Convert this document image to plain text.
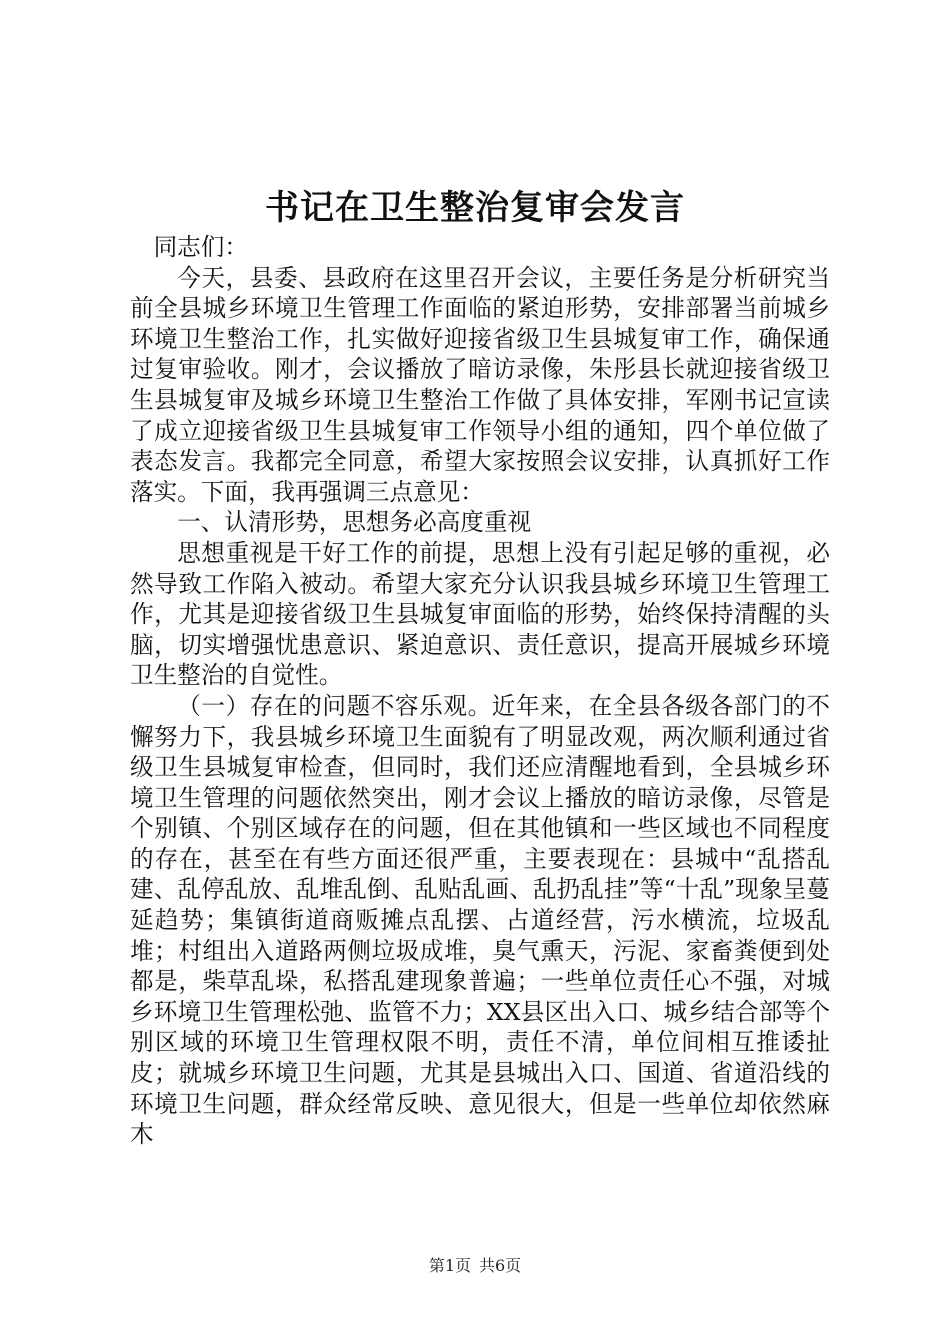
书记在卫生整治复审会发言

同志们：

今天，县委、县政府在这里召开会议，主要任务是分析研究当前全县城乡环境卫生管理工作面临的紧迫形势，安排部署当前城乡环境卫生整治工作，扎实做好迎接省级卫生县城复审工作，确保通过复审验收。刚才，会议播放了暗访录像，朱彤县长就迎接省级卫生县城复审及城乡环境卫生整治工作做了具体安排，军刚书记宣读了成立迎接省级卫生县城复审工作领导小组的通知，四个单位做了表态发言。我都完全同意，希望大家按照会议安排，认真抓好工作落实。下面，我再强调三点意见：

一、认清形势，思想务必高度重视

思想重视是干好工作的前提，思想上没有引起足够的重视，必然导致工作陷入被动。希望大家充分认识我县城乡环境卫生管理工作，尤其是迎接省级卫生县城复审面临的形势，始终保持清醒的头脑，切实增强忧患意识、紧迫意识、责任意识，提高开展城乡环境卫生整治的自觉性。

（一）存在的问题不容乐观。近年来，在全县各级各部门的不懈努力下，我县城乡环境卫生面貌有了明显改观，两次顺利通过省级卫生县城复审检查，但同时，我们还应清醒地看到，全县城乡环境卫生管理的问题依然突出，刚才会议上播放的暗访录像，尽管是个别镇、个别区域存在的问题，但在其他镇和一些区域也不同程度的存在，甚至在有些方面还很严重，主要表现在：县城中“乱搭乱建、乱停乱放、乱堆乱倒、乱贴乱画、乱扔乱挂”等“十乱”现象呈蔓延趋势；集镇街道商贩摊点乱摆、占道经营，污水横流，垃圾乱堆；村组出入道路两侧垃圾成堆，臭气熏天，污泥、家畜粪便到处都是，柴草乱垛，私搭乱建现象普遍；一些单位责任心不强，对城乡环境卫生管理松弛、监管不力；XX县区出入口、城乡结合部等个别区域的环境卫生管理权限不明，责任不清，单位间相互推诿扯皮；就城乡环境卫生问题，尤其是县城出入口、国道、省道沿线的环境卫生问题，群众经常反映、意见很大，但是一些单位却依然麻木

第1页 共6页
